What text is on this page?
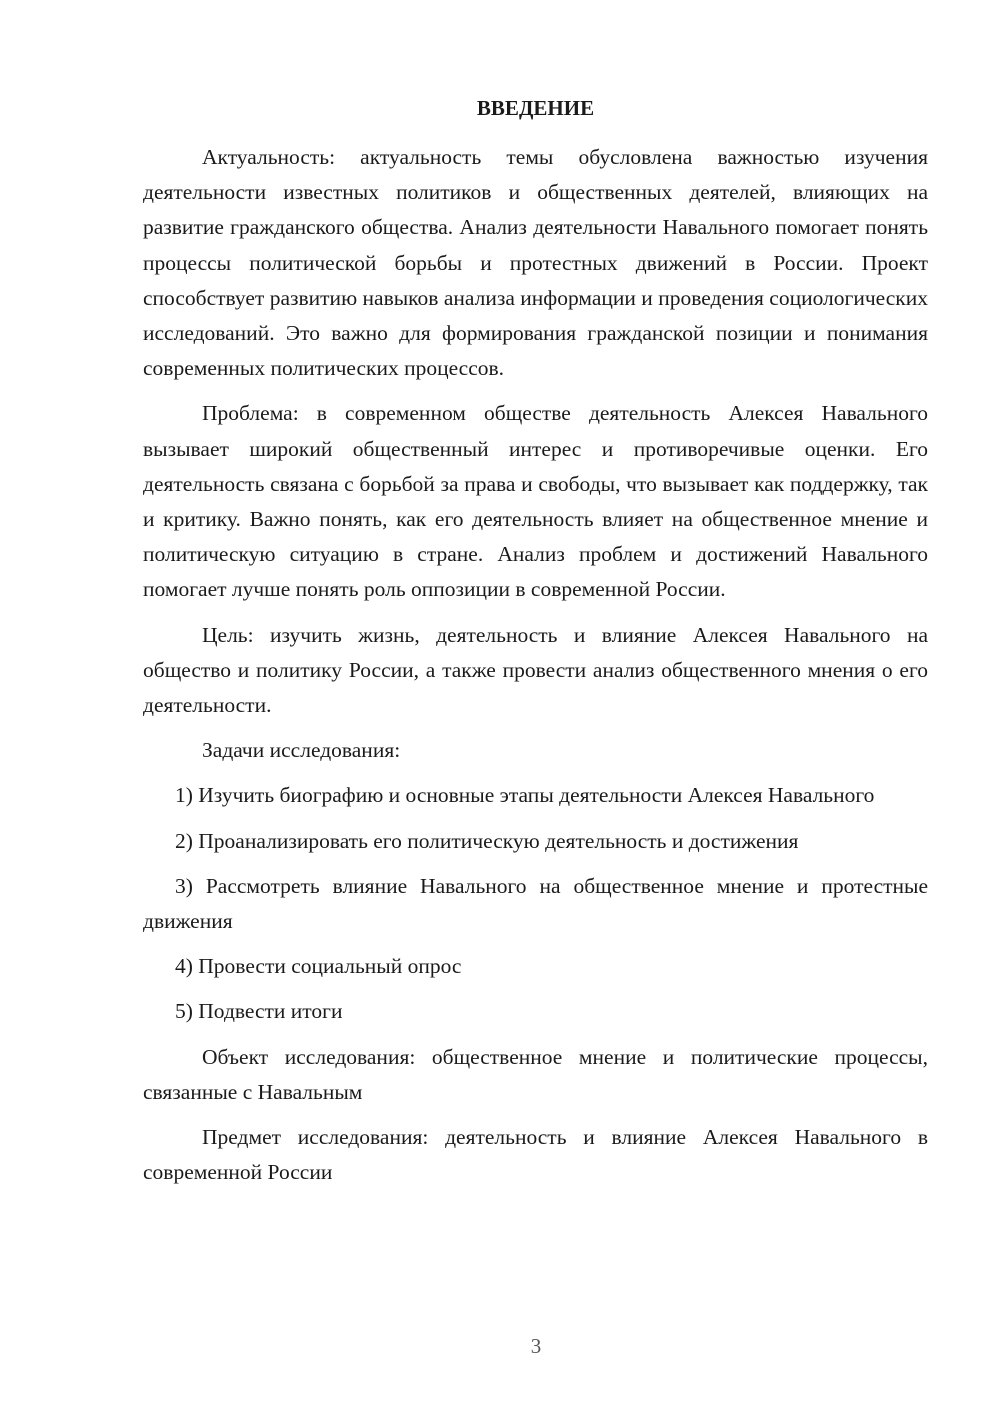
ВВЕДЕНИЕ

Актуальность: актуальность темы обусловлена важностью изучения деятельности известных политиков и общественных деятелей, влияющих на развитие гражданского общества. Анализ деятельности Навального помогает понять процессы политической борьбы и протестных движений в России. Проект способствует развитию навыков анализа информации и проведения социологических исследований. Это важно для формирования гражданской позиции и понимания современных политических процессов.

Проблема: в современном обществе деятельность Алексея Навального вызывает широкий общественный интерес и противоречивые оценки. Его деятельность связана с борьбой за права и свободы, что вызывает как поддержку, так и критику. Важно понять, как его деятельность влияет на общественное мнение и политическую ситуацию в стране. Анализ проблем и достижений Навального помогает лучше понять роль оппозиции в современной России.

Цель: изучить жизнь, деятельность и влияние Алексея Навального на общество и политику России, а также провести анализ общественного мнения о его деятельности.

Задачи исследования:

1) Изучить биографию и основные этапы деятельности Алексея Навального

2) Проанализировать его политическую деятельность и достижения

3) Рассмотреть влияние Навального на общественное мнение и протестные движения

4) Провести социальный опрос

5) Подвести итоги

Объект исследования: общественное мнение и политические процессы, связанные с Навальным

Предмет исследования: деятельность и влияние Алексея Навального в современной России

3
